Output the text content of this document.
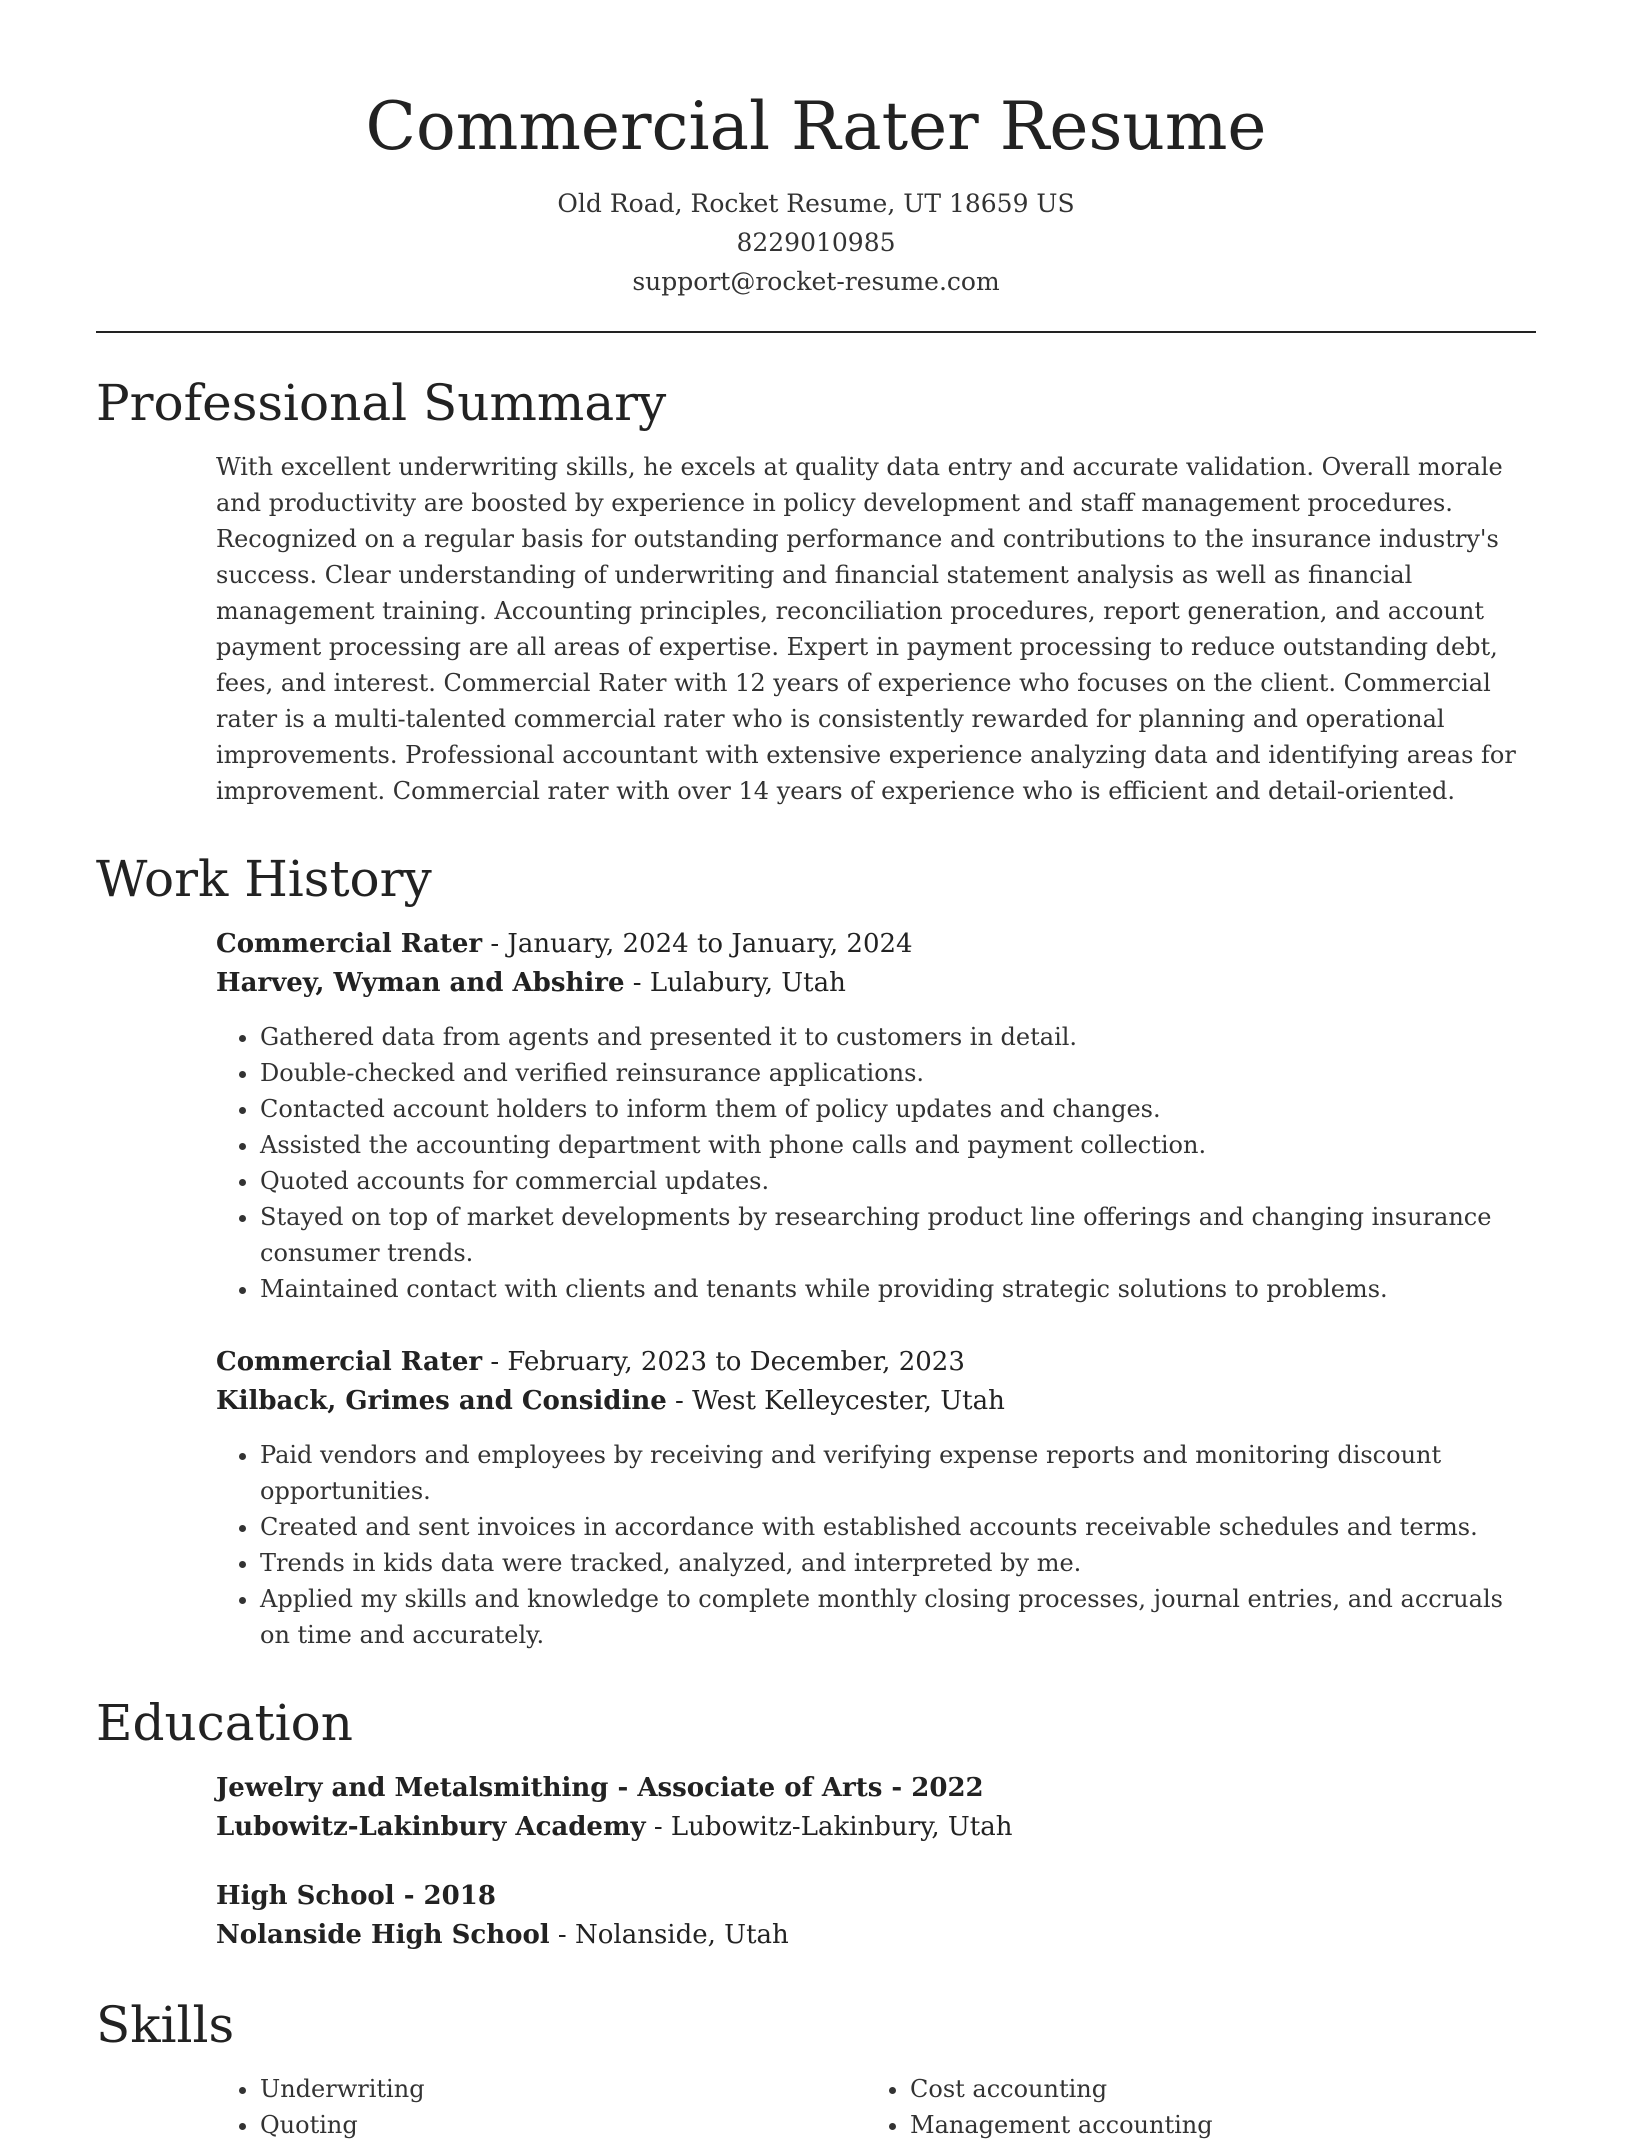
Commercial Rater Resume
Old Road, Rocket Resume, UT 18659 US
8229010985
support@rocket-resume.com
Professional Summary

With excellent underwriting skills, he excels at quality data entry and accurate validation. Overall morale and productivity are boosted by experience in policy development and staff management procedures. Recognized on a regular basis for outstanding performance and contributions to the insurance industry's success. Clear understanding of underwriting and financial statement analysis as well as financial management training. Accounting principles, reconciliation procedures, report generation, and account payment processing are all areas of expertise. Expert in payment processing to reduce outstanding debt, fees, and interest. Commercial Rater with 12 years of experience who focuses on the client. Commercial rater is a multi-talented commercial rater who is consistently rewarded for planning and operational improvements. Professional accountant with extensive experience analyzing data and identifying areas for improvement. Commercial rater with over 14 years of experience who is efficient and detail-oriented.

Work History
Commercial Rater - January, 2024 to January, 2024
Harvey, Wyman and Abshire - Lulabury, Utah
• Gathered data from agents and presented it to customers in detail.
• Double-checked and verified reinsurance applications.
• Contacted account holders to inform them of policy updates and changes.
• Assisted the accounting department with phone calls and payment collection.
• Quoted accounts for commercial updates.
• Stayed on top of market developments by researching product line offerings and changing insurance consumer trends.
• Maintained contact with clients and tenants while providing strategic solutions to problems.
Commercial Rater - February, 2023 to December, 2023
Kilback, Grimes and Considine - West Kelleycester, Utah
• Paid vendors and employees by receiving and verifying expense reports and monitoring discount opportunities.
• Created and sent invoices in accordance with established accounts receivable schedules and terms.
• Trends in kids data were tracked, analyzed, and interpreted by me.
• Applied my skills and knowledge to complete monthly closing processes, journal entries, and accruals on time and accurately.
Education
Jewelry and Metalsmithing - Associate of Arts - 2022
Lubowitz-Lakinbury Academy - Lubowitz-Lakinbury, Utah
High School - 2018
Nolanside High School - Nolanside, Utah
Skills
• Underwriting
• Quoting
• Cost accounting
• Management accounting
